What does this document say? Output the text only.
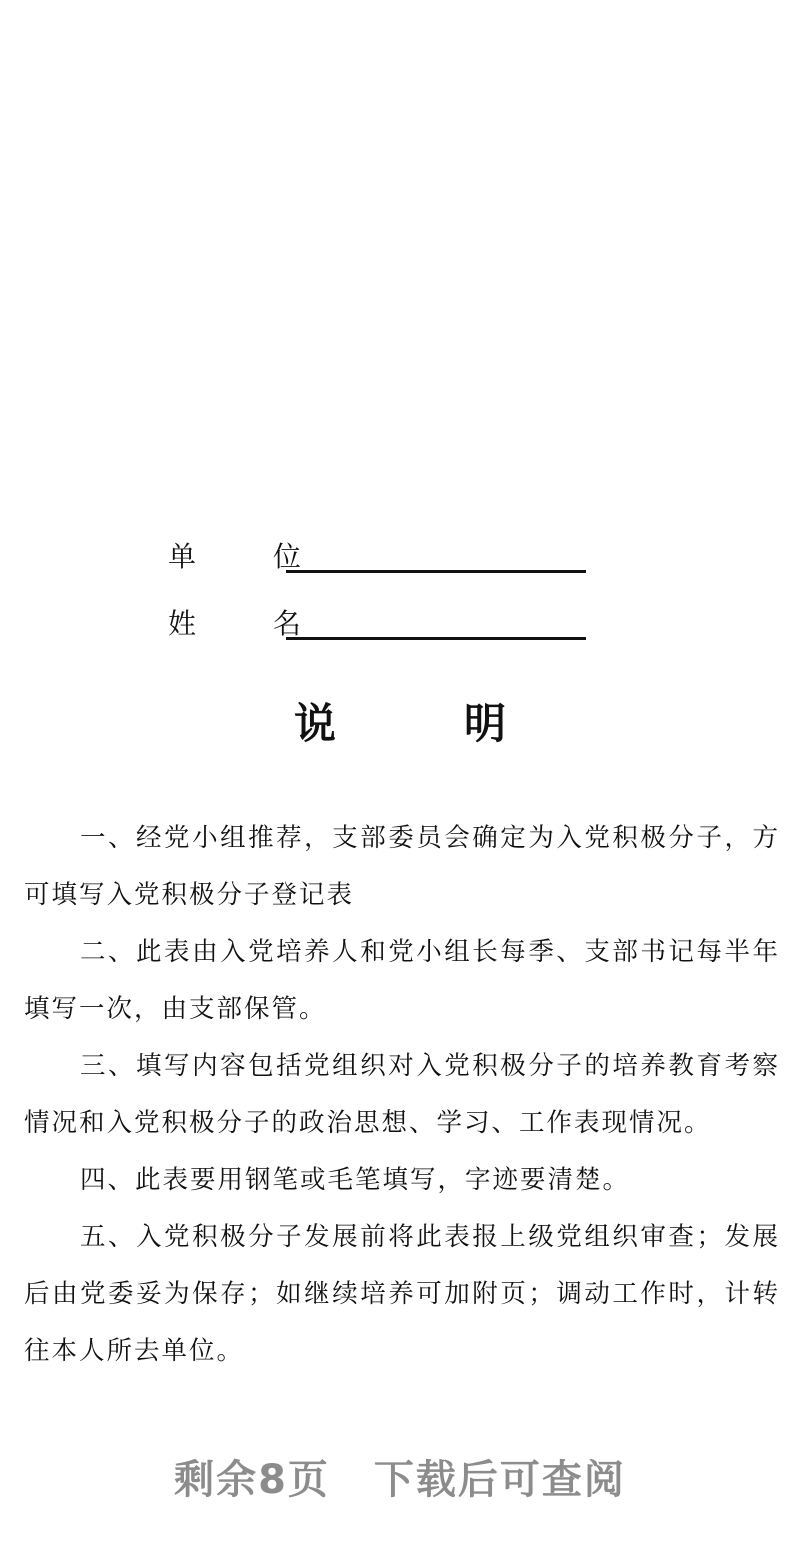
单 位
姓 名
说明

一、经党小组推荐，支部委员会确定为入党积极分子，方可填写入党积极分子登记表

二、此表由入党培养人和党小组长每季、支部书记每半年填写一次，由支部保管。

三、填写内容包括党组织对入党积极分子的培养教育考察情况和入党积极分子的政治思想、学习、工作表现情况。

四、此表要用钢笔或毛笔填写，字迹要清楚。

五、入党积极分子发展前将此表报上级党组织审查；发展后由党委妥为保存；如继续培养可加附页；调动工作时，计转往本人所去单位。

剩余8页 下载后可查阅
